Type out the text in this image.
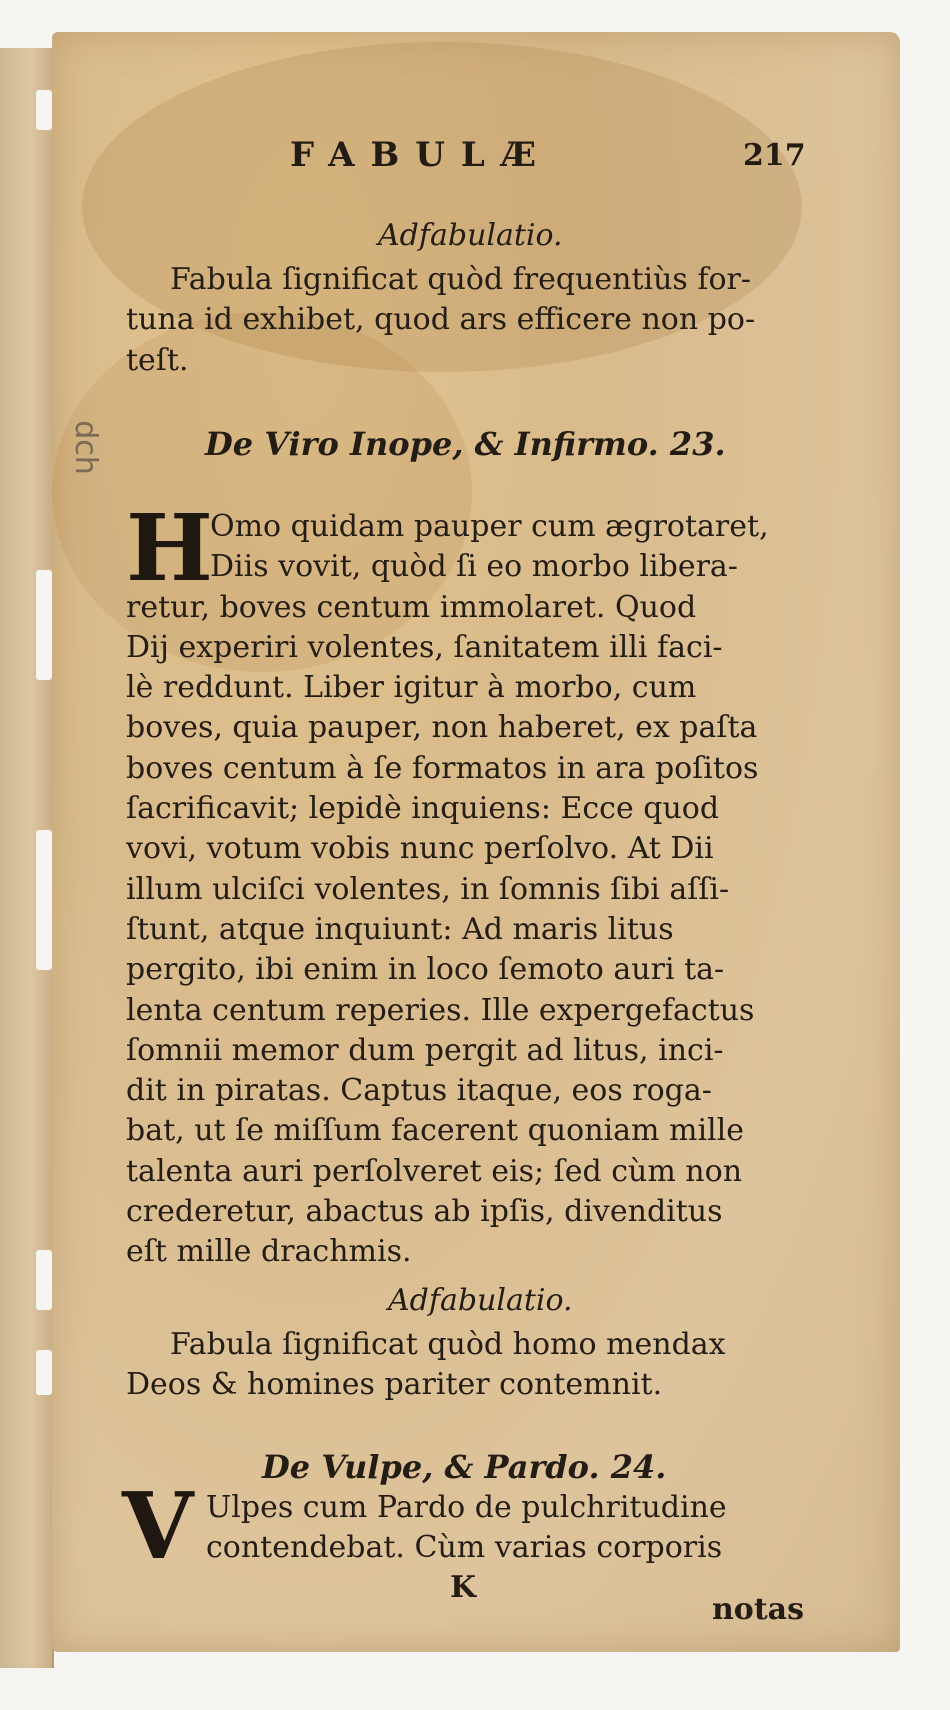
dch
FABULÆ	217
Adfabulatio.
Fabula ſignificat quòd frequentiùs for-
tuna id exhibet, quod ars efficere non po-
teſt.
De Viro Inope, & Infirmo. 23.
H
Omo quidam pauper cum ægrotaret,
Diis vovit, quòd ſi eo morbo libera-
retur, boves centum immolaret. Quod
Dij experiri volentes, ſanitatem illi faci-
lè reddunt. Liber igitur à morbo, cum
boves, quia pauper, non haberet, ex paſta
boves centum à ſe formatos in ara poſitos
ſacrificavit; lepidè inquiens: Ecce quod
vovi, votum vobis nunc perſolvo. At Dii
illum ulciſci volentes, in ſomnis ſibi aſſi-
ſtunt, atque inquiunt: Ad maris litus
pergito, ibi enim in loco ſemoto auri ta-
lenta centum reperies. Ille expergefactus
ſomnii memor dum pergit ad litus, inci-
dit in piratas. Captus itaque, eos roga-
bat, ut ſe miſſum facerent quoniam mille
talenta auri perſolveret eis; ſed cùm non
crederetur, abactus ab ipſis, divenditus
eſt mille drachmis.
Adfabulatio.
Fabula ſignificat quòd homo mendax
Deos & homines pariter contemnit.
De Vulpe, & Pardo. 24.
V Ulpes cum Pardo de pulchritudine
contendebat. Cùm varias corporis
K
notas
